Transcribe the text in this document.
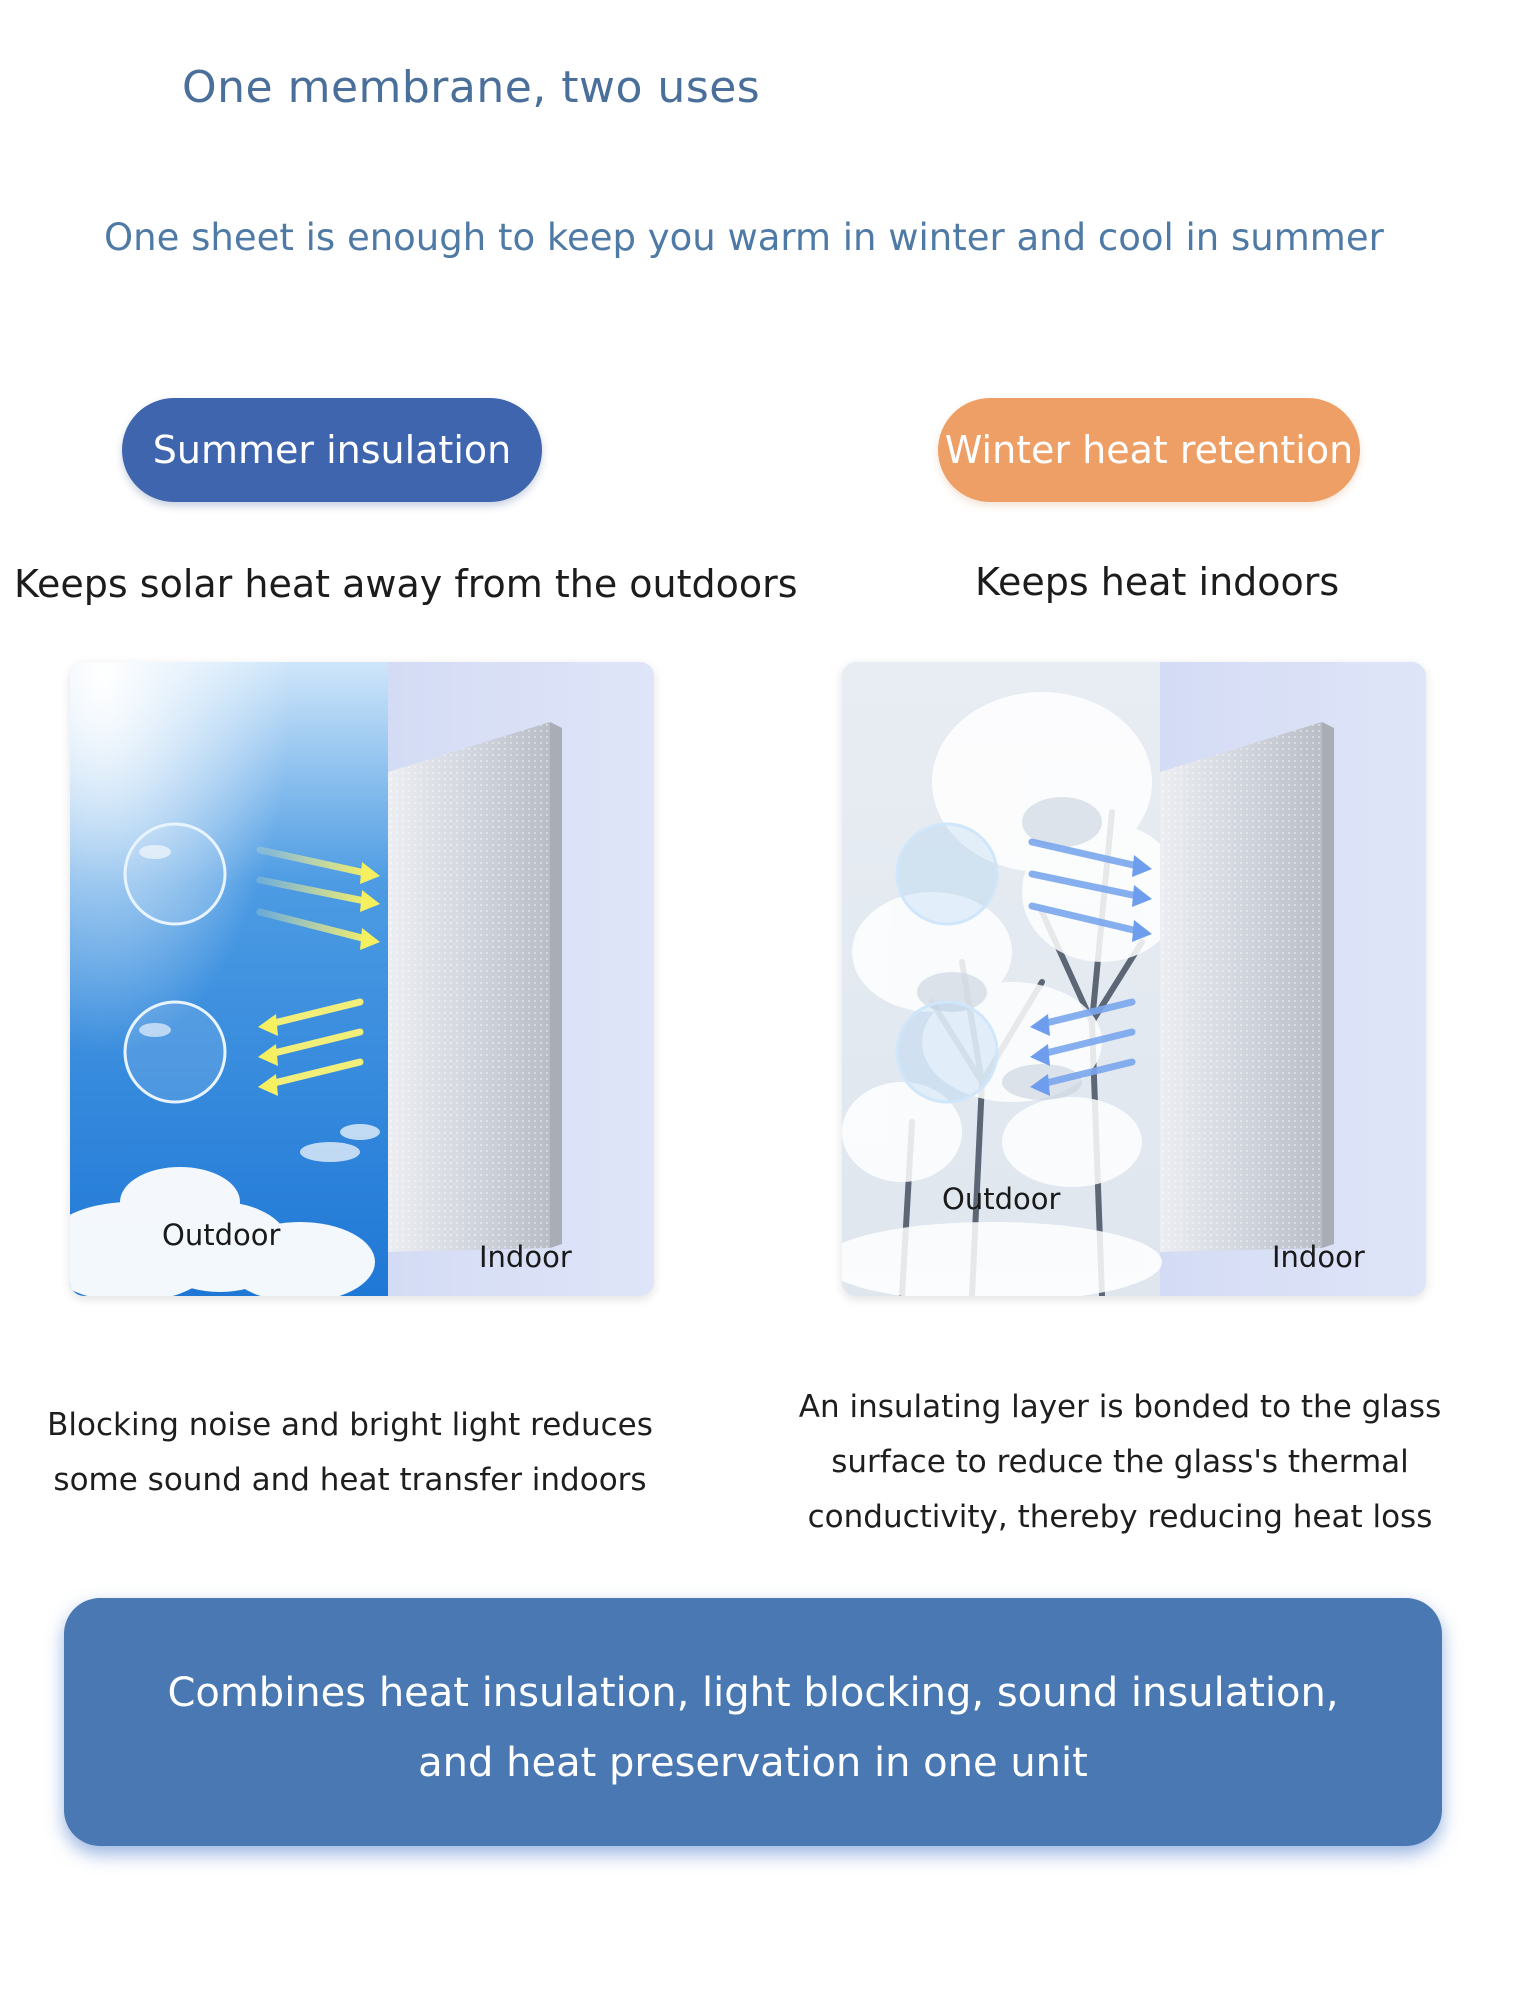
One membrane, two uses
One sheet is enough to keep you warm in winter and cool in summer
Summer insulation	Winter heat retention
Keeps solar heat away from the outdoors	Keeps heat indoors
Outdoor
Indoor
Outdoor
Indoor
Blocking noise and bright light reduces some sound and heat transfer indoors
An insulating layer is bonded to the glass surface to reduce the glass's thermal conductivity, thereby reducing heat loss
Combines heat insulation, light blocking, sound insulation, and heat preservation in one unit
